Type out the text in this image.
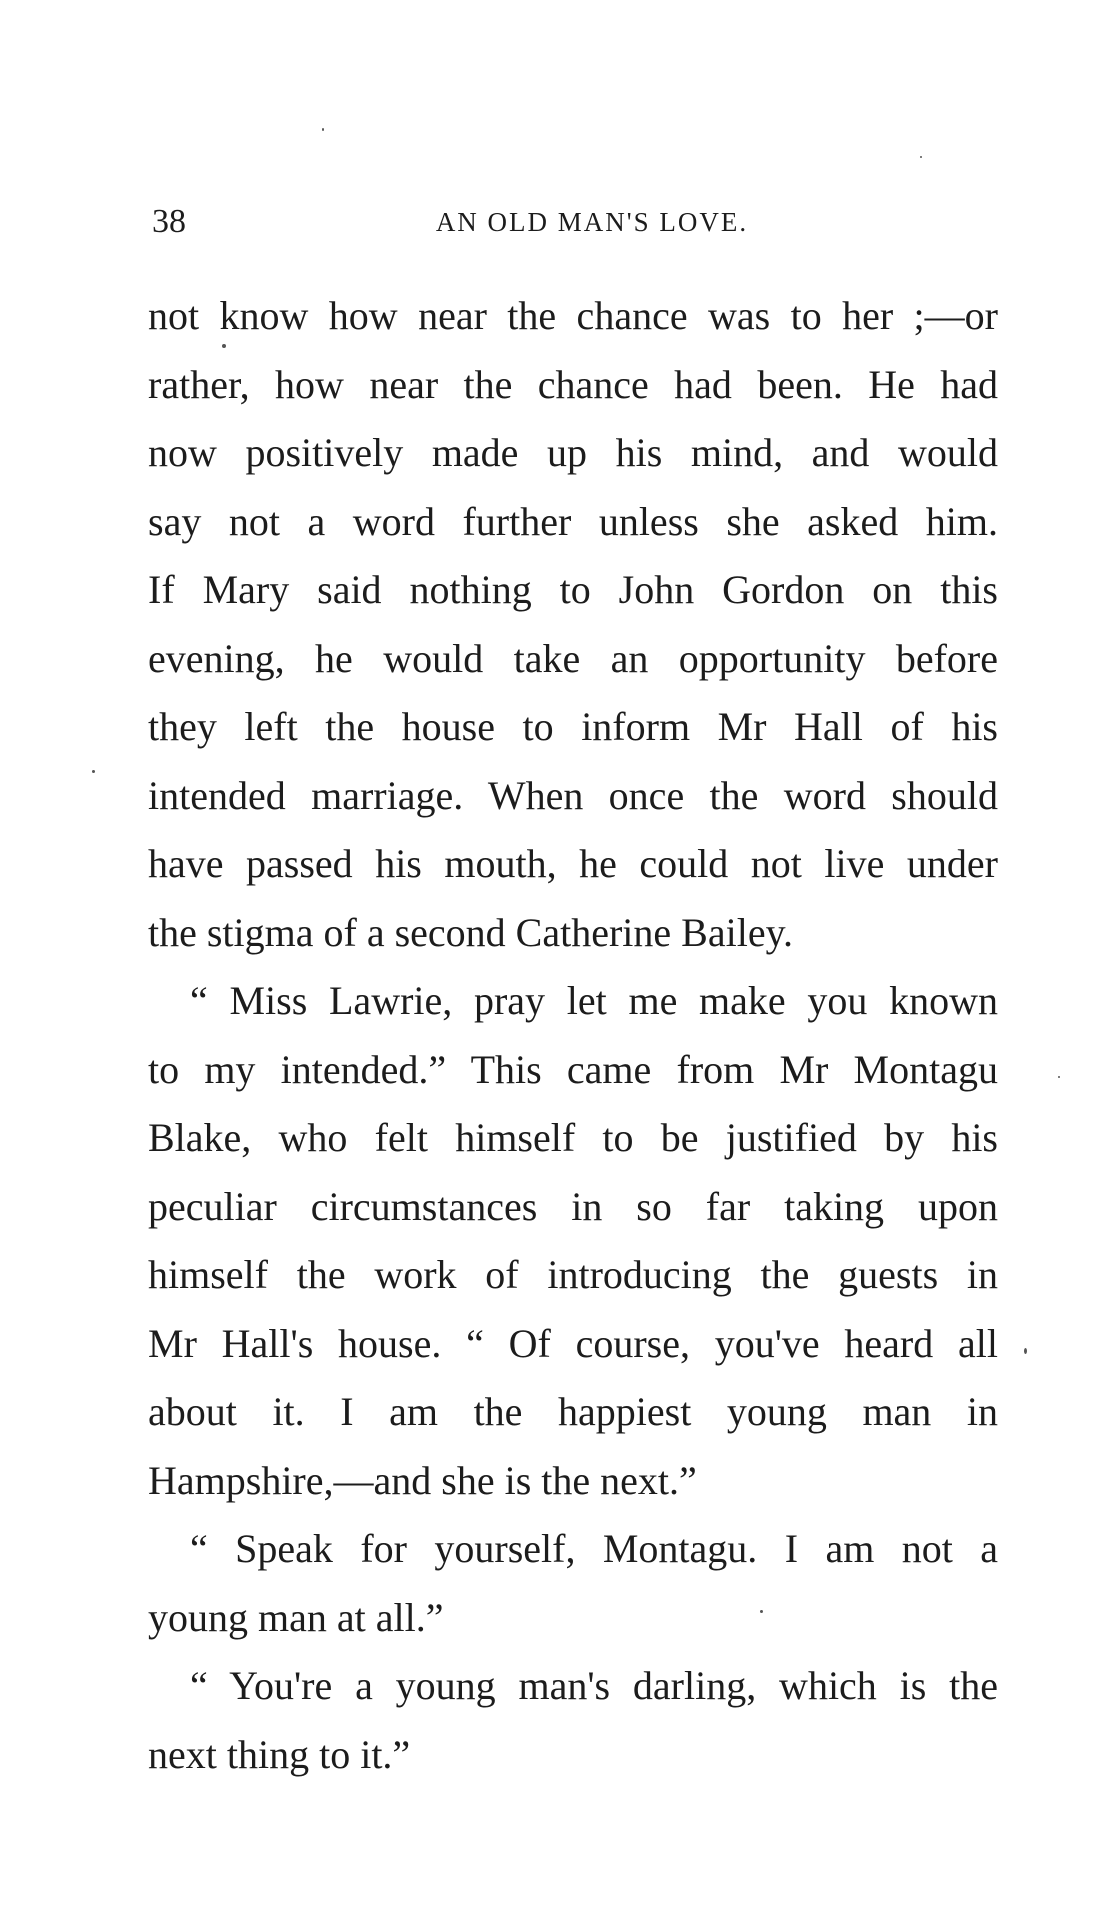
38	AN OLD MAN'S LOVE.
not know how near the chance was to her ;—or
rather, how near the chance had been. He had
now positively made up his mind, and would
say not a word further unless she asked him.
If Mary said nothing to John Gordon on this
evening, he would take an opportunity before
they left the house to inform Mr Hall of his
intended marriage. When once the word should
have passed his mouth, he could not live under
the stigma of a second Catherine Bailey.
“ Miss Lawrie, pray let me make you known
to my intended.” This came from Mr Montagu
Blake, who felt himself to be justified by his
peculiar circumstances in so far taking upon
himself the work of introducing the guests in
Mr Hall's house. “ Of course, you've heard all
about it. I am the happiest young man in
Hampshire,—and she is the next.”
“ Speak for yourself, Montagu. I am not a
young man at all.”
“ You're a young man's darling, which is the
next thing to it.”
